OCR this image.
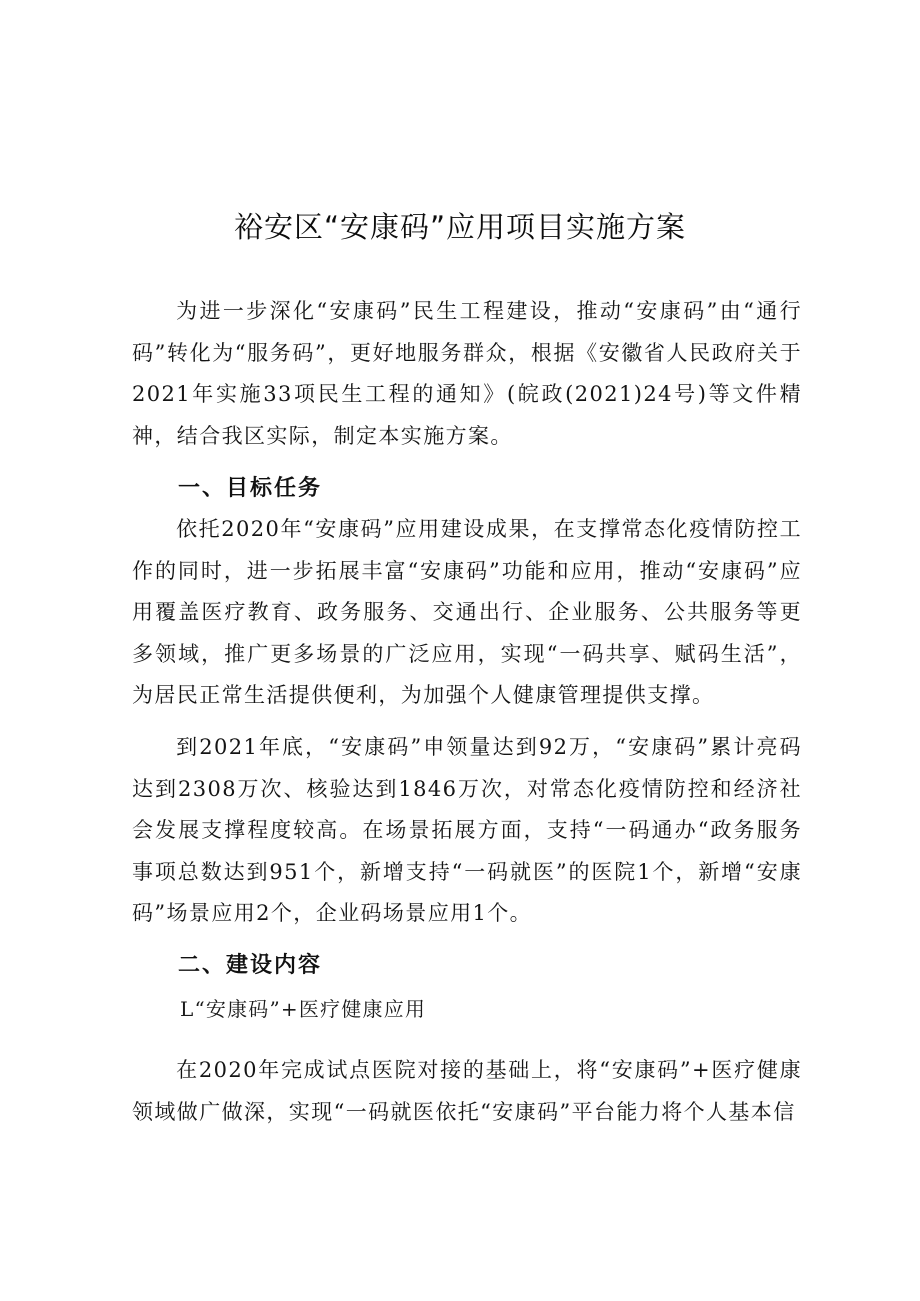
裕安区“安康码”应用项目实施方案

为进一步深化“安康码”民生工程建设，推动“安康码”由“通行码”转化为“服务码”，更好地服务群众，根据《安徽省人民政府关于2021年实施33项民生工程的通知》(皖政(2021)24号)等文件精神，结合我区实际，制定本实施方案。

一、目标任务

依托2020年“安康码”应用建设成果，在支撑常态化疫情防控工作的同时，进一步拓展丰富“安康码”功能和应用，推动“安康码”应用覆盖医疗教育、政务服务、交通出行、企业服务、公共服务等更多领域，推广更多场景的广泛应用，实现“一码共享、赋码生活”，为居民正常生活提供便利，为加强个人健康管理提供支撑。

到2021年底，“安康码”申领量达到92万，“安康码”累计亮码达到2308万次、核验达到1846万次，对常态化疫情防控和经济社会发展支撑程度较高。在场景拓展方面，支持“一码通办“政务服务事项总数达到951个，新增支持“一码就医”的医院1个，新增“安康码”场景应用2个，企业码场景应用1个。

二、建设内容

L“安康码”+医疗健康应用

在2020年完成试点医院对接的基础上，将“安康码”+医疗健康领域做广做深，实现“一码就医依托“安康码”平台能力将个人基本信
